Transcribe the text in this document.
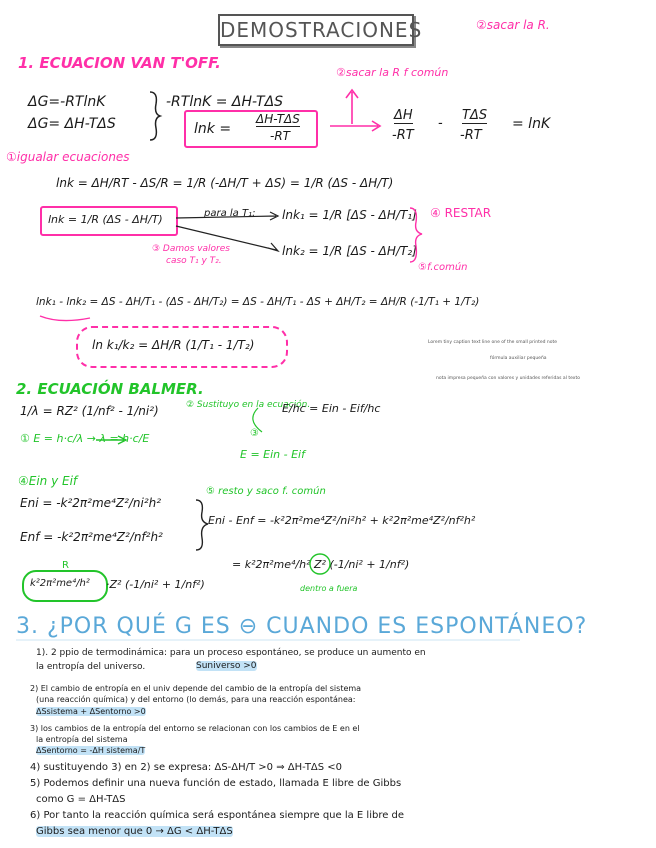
DEMOSTRACIONES	②sacar la R.
1. ECUACION VAN T'OFF.
②sacar la R f común
ΔG=-RTlnK
ΔG= ΔH-TΔS
-RTlnK = ΔH-TΔS
lnk =
ΔH-TΔS
-RT
ΔH
-RT
-
TΔS
-RT
= lnK
①igualar ecuaciones
lnk = ΔH/RT - ΔS/R = 1/R (-ΔH/T + ΔS) = 1/R (ΔS - ΔH/T)
lnk = 1/R (ΔS - ΔH/T)	para la T₁: lnk₁ = 1/R [ΔS - ΔH/T₁]
lnk₂ = 1/R [ΔS - ΔH/T₂]
④ RESTAR
③ Damos valores
caso T₁ y T₂.
⑤f.común
lnk₁ - lnk₂ = ΔS - ΔH/T₁ - (ΔS - ΔH/T₂) = ΔS - ΔH/T₁ - ΔS + ΔH/T₂ = ΔH/R (-1/T₁ + 1/T₂)
ln k₁/k₂ = ΔH/R (1/T₁ - 1/T₂)	Lorem tiny caption text line one of the small printed note
fórmula auxiliar pequeña
nota impresa pequeña con valores y unidades referidas al texto
2. ECUACIÓN BALMER.
1/λ = RZ² (1/nf² - 1/ni²)
① E = h·c/λ → λ = h·c/E
② Sustituyo en la ecuación.
E/hc = Ein - Eif/hc
E = Ein - Eif
③
④Ein y Eif
Eni = -k²2π²me⁴Z²/ni²h²
Enf = -k²2π²me⁴Z²/nf²h²
⑤ resto y saco f. común
Eni - Enf = -k²2π²me⁴Z²/ni²h² + k²2π²me⁴Z²/nf²h²
= k²2π²me⁴/h² Z² (-1/ni² + 1/nf²)
dentro a fuera
R
k²2π²me⁴/h² ·Z² (-1/ni² + 1/nf²)
3. ¿POR QUÉ G ES ⊖ CUANDO ES ESPONTÁNEO?
1). 2 ppio de termodinámica: para un proceso espontáneo, se produce un aumento en
la entropía del universo.	Suniverso >0
2) El cambio de entropía en el univ depende del cambio de la entropía del sistema
(una reacción química) y del entorno (lo demás, para una reacción espontánea:
ΔSsistema + ΔSentorno >0
3) los cambios de la entropía del entorno se relacionan con los cambios de E en el
la entropía del sistema
ΔSentorno = -ΔH sistema/T
4) sustituyendo 3) en 2) se expresa: ΔS-ΔH/T >0 ⇒ ΔH-TΔS <0
5) Podemos definir una nueva función de estado, llamada E libre de Gibbs
como G = ΔH-TΔS
6) Por tanto la reacción química será espontánea siempre que la E libre de
Gibbs sea menor que 0 → ΔG < ΔH-TΔS
